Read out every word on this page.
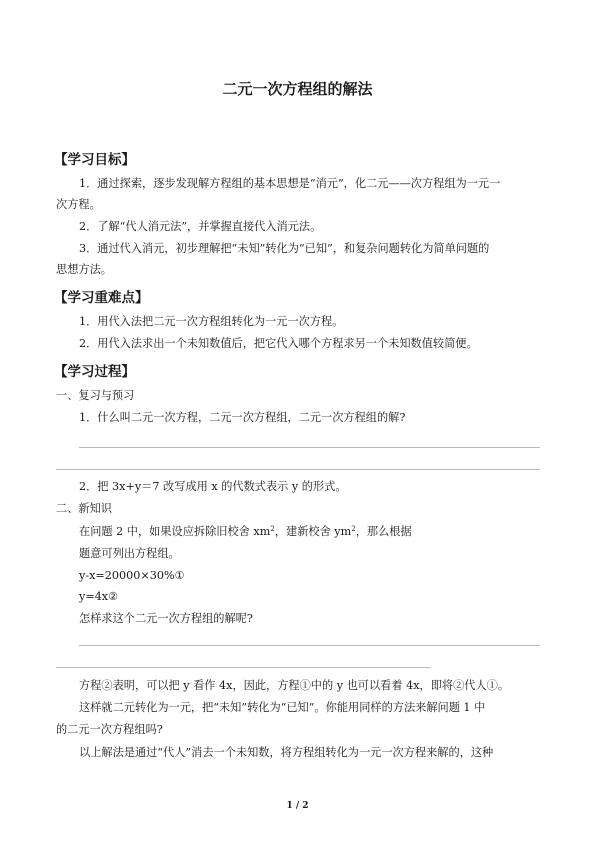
二元一次方程组的解法
【学习目标】
1．通过探索，逐步发现解方程组的基本思想是“消元”，化二元——次方程组为一元一
次方程。
2．了解“代人消元法”，并掌握直接代入消元法。
3．通过代入消元，初步理解把“未知”转化为“已知”，和复杂问题转化为简单问题的
思想方法。
【学习重难点】
1．用代入法把二元一次方程组转化为一元一次方程。
2．用代入法求出一个未知数值后，把它代入哪个方程求另一个未知数值较简便。
【学习过程】
一、复习与预习
1．什么叫二元一次方程，二元一次方程组，二元一次方程组的解?
2．把 3x+y＝7 改写成用 x 的代数式表示 y 的形式。
二、新知识
在问题 2 中，如果设应拆除旧校舍 $xm^2$，建新校舍 $ym^2$，那么根据
题意可列出方程组。
y-x=20000×30%①
y=4x②
怎样求这个二元一次方程组的解呢?
方程②表明，可以把 y 看作 4x，因此，方程①中的 y 也可以看着 4x，即将②代人①。
这样就二元转化为一元，把“未知”转化为“已知”。你能用同样的方法来解问题 1 中
的二元一次方程组吗?
以上解法是通过“代人”消去一个未知数，将方程组转化为一元一次方程来解的，这种
1 / 2
